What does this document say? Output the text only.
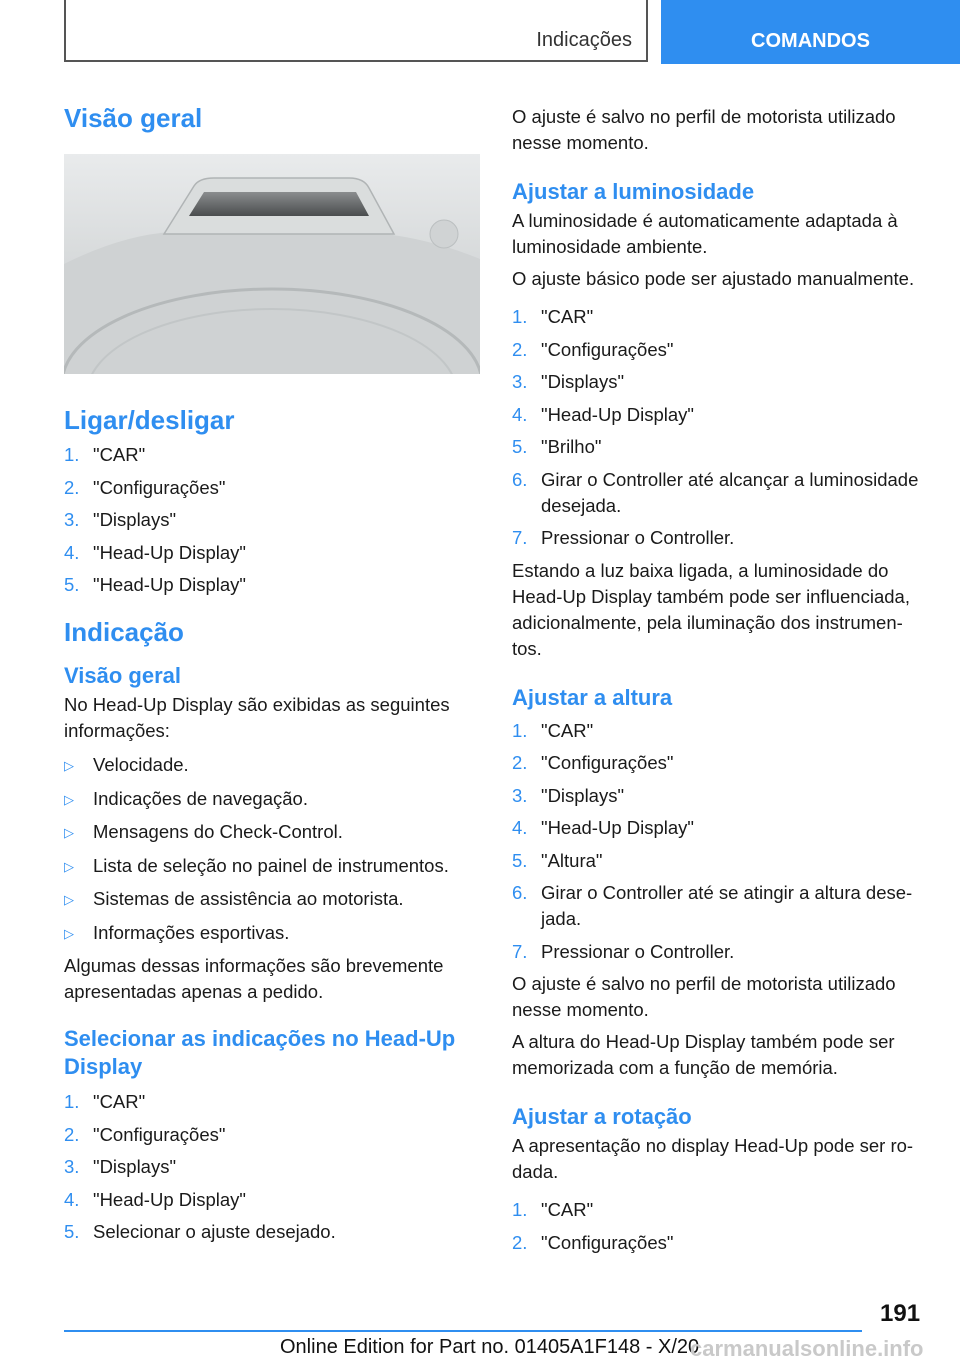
Indicações	COMANDOS
Visão geral
Ligar/desligar
1. "CAR"
2. "Configurações"
3. "Displays"
4. "Head-Up Display"
5. "Head-Up Display"
Indicação
Visão geral

No Head-Up Display são exibidas as seguintes informações:

▷	Velocidade.
▷	Indicações de navegação.
▷	Mensagens do Check-Control.
▷	Lista de seleção no painel de instrumentos.
▷	Sistemas de assistência ao motorista.
▷	Informações esportivas.

Algumas dessas informações são brevemente apresentadas apenas a pedido.

Selecionar as indicações no Head-Up Display
1. "CAR"
2. "Configurações"
3. "Displays"
4. "Head-Up Display"
5. Selecionar o ajuste desejado.

O ajuste é salvo no perfil de motorista utilizado nesse momento.

Ajustar a luminosidade

A luminosidade é automaticamente adaptada à luminosidade ambiente.

O ajuste básico pode ser ajustado manualmente.

1. "CAR"
2. "Configurações"
3. "Displays"
4. "Head-Up Display"
5. "Brilho"
6. Girar o Controller até alcançar a luminosidade desejada.
7. Pressionar o Controller.

Estando a luz baixa ligada, a luminosidade do Head-Up Display também pode ser influenciada, adicionalmente, pela iluminação dos instrumen-tos.

Ajustar a altura
1. "CAR"
2. "Configurações"
3. "Displays"
4. "Head-Up Display"
5. "Altura"
6. Girar o Controller até se atingir a altura dese-jada.
7. Pressionar o Controller.

O ajuste é salvo no perfil de motorista utilizado nesse momento.

A altura do Head-Up Display também pode ser memorizada com a função de memória.

Ajustar a rotação

A apresentação no display Head-Up pode ser ro-dada.

1. "CAR"
2. "Configurações"
191
Online Edition for Part no. 01405A1F148 - X/20
carmanualsonline.info
